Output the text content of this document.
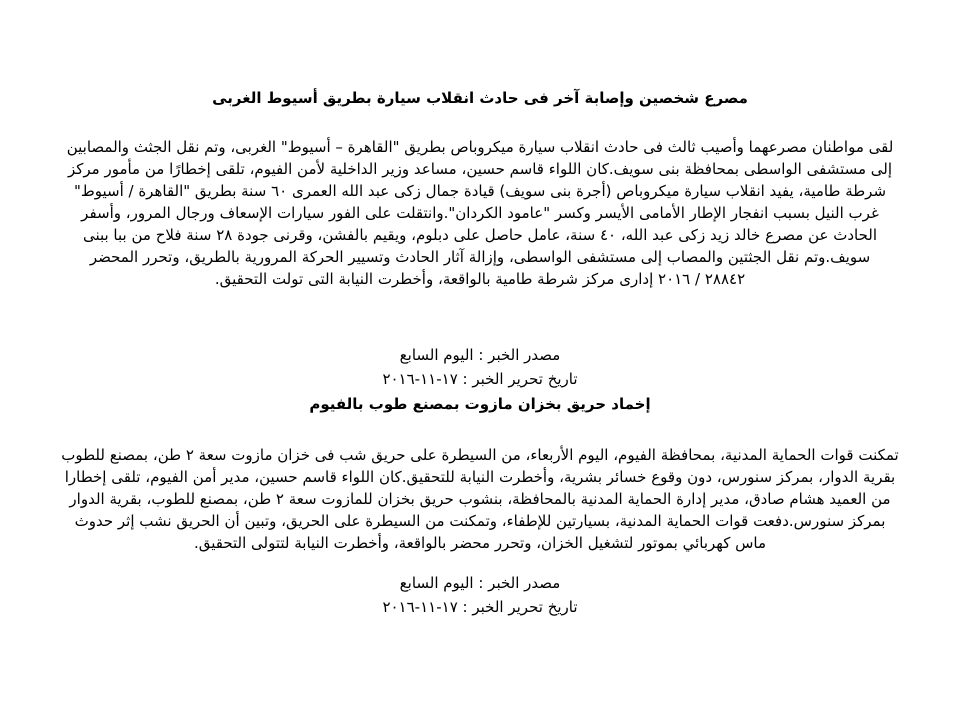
مصرع شخصين وإصابة آخر فى حادث انقلاب سيارة بطريق أسيوط الغربى
لقى مواطنان مصرعهما وأصيب ثالث فى حادث انقلاب سيارة ميكروباص بطريق "القاهرة – أسيوط" الغربى، وتم نقل الجثث والمصابين
إلى مستشفى الواسطى بمحافظة بنى سويف.كان اللواء قاسم حسين، مساعد وزير الداخلية لأمن الفيوم، تلقى إخطارًا من مأمور مركز
شرطة طامية، يفيد انقلاب سيارة ميكروباص (أجرة بنى سويف) قيادة جمال زكى عبد الله العمرى ٦٠ سنة بطريق "القاهرة / أسيوط"
غرب النيل بسبب انفجار الإطار الأمامى الأيسر وكسر "عامود الكردان".وانتقلت على الفور سيارات الإسعاف ورجال المرور، وأسفر
الحادث عن مصرع خالد زيد زكى عبد الله، ٤٠ سنة، عامل حاصل على دبلوم، ويقيم بالفشن، وقرنى جودة ٢٨ سنة فلاح من ببا ببنى
سويف.وتم نقل الجثتين والمصاب إلى مستشفى الواسطى، وإزالة آثار الحادث وتسيير الحركة المرورية بالطريق، وتحرر المحضر
٢٨٨٤٢ / ٢٠١٦ إدارى مركز شرطة طامية بالواقعة، وأخطرت النيابة التى تولت التحقيق.
مصدر الخبر : اليوم السابع
تاريخ تحرير الخبر : ١٧-١١-٢٠١٦
إخماد حريق بخزان مازوت بمصنع طوب بالفيوم
تمكنت قوات الحماية المدنية، بمحافظة الفيوم، اليوم الأربعاء، من السيطرة على حريق شب فى خزان مازوت سعة ٢ طن، بمصنع للطوب
بقرية الدوار، بمركز سنورس، دون وقوع خسائر بشرية، وأخطرت النيابة للتحقيق.كان اللواء قاسم حسين، مدير أمن الفيوم، تلقى إخطارا
من العميد هشام صادق، مدير إدارة الحماية المدنية بالمحافظة، بنشوب حريق بخزان للمازوت سعة ٢ طن، بمصنع للطوب، بقرية الدوار
بمركز سنورس.دفعت قوات الحماية المدنية، بسيارتين للإطفاء، وتمكنت من السيطرة على الحريق، وتبين أن الحريق نشب إثر حدوث
ماس كهربائي بموتور لتشغيل الخزان، وتحرر محضر بالواقعة، وأخطرت النيابة لتتولى التحقيق.
مصدر الخبر : اليوم السابع
تاريخ تحرير الخبر : ١٧-١١-٢٠١٦
